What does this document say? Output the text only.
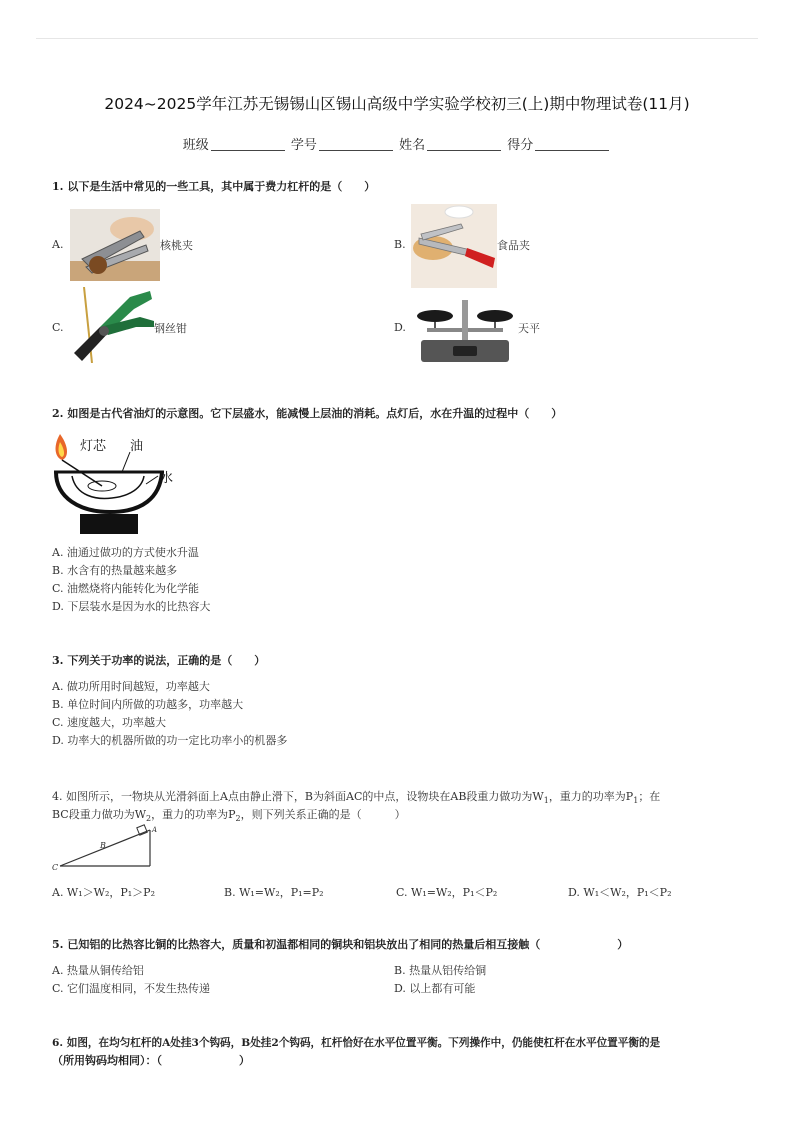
2024~2025学年江苏无锡锡山区锡山高级中学实验学校初三(上)期中物理试卷(11月)
班级	学号	姓名	得分
1. 以下是生活中常见的一些工具，其中属于费力杠杆的是（　　）
A.	核桃夹	B.	食品夹
C.	钢丝钳	D.	天平
2. 如图是古代省油灯的示意图。它下层盛水，能减慢上层油的消耗。点灯后，水在升温的过程中（　　）
灯芯 油
水
A. 油通过做功的方式使水升温
B. 水含有的热量越来越多
C. 油燃烧将内能转化为化学能
D. 下层装水是因为水的比热容大
3. 下列关于功率的说法，正确的是（　　）
A. 做功所用时间越短，功率越大
B. 单位时间内所做的功越多，功率越大
C. 速度越大，功率越大
D. 功率大的机器所做的功一定比功率小的机器多
4. 如图所示，一物块从光滑斜面上A点由静止滑下，B为斜面AC的中点，设物块在AB段重力做功为$W_1$，重力的功率为$P_1$；在
BC段重力做功为$W_2$，重力的功率为$P_2$，则下列关系正确的是（　　　）
A
B
C
A. W₁＞W₂，P₁＞P₂	B. W₁=W₂，P₁=P₂	C. W₁=W₂，P₁＜P₂	D. W₁＜W₂，P₁＜P₂
5. 已知铝的比热容比铜的比热容大，质量和初温都相同的铜块和铝块放出了相同的热量后相互接触（　　　　　　　）
A. 热量从铜传给铝	B. 热量从铝传给铜
C. 它们温度相同，不发生热传递	D. 以上都有可能
6. 如图，在均匀杠杆的A处挂3个钩码，B处挂2个钩码，杠杆恰好在水平位置平衡。下列操作中，仍能使杠杆在水平位置平衡的是
（所用钩码均相同）：（　　　　　　　）
